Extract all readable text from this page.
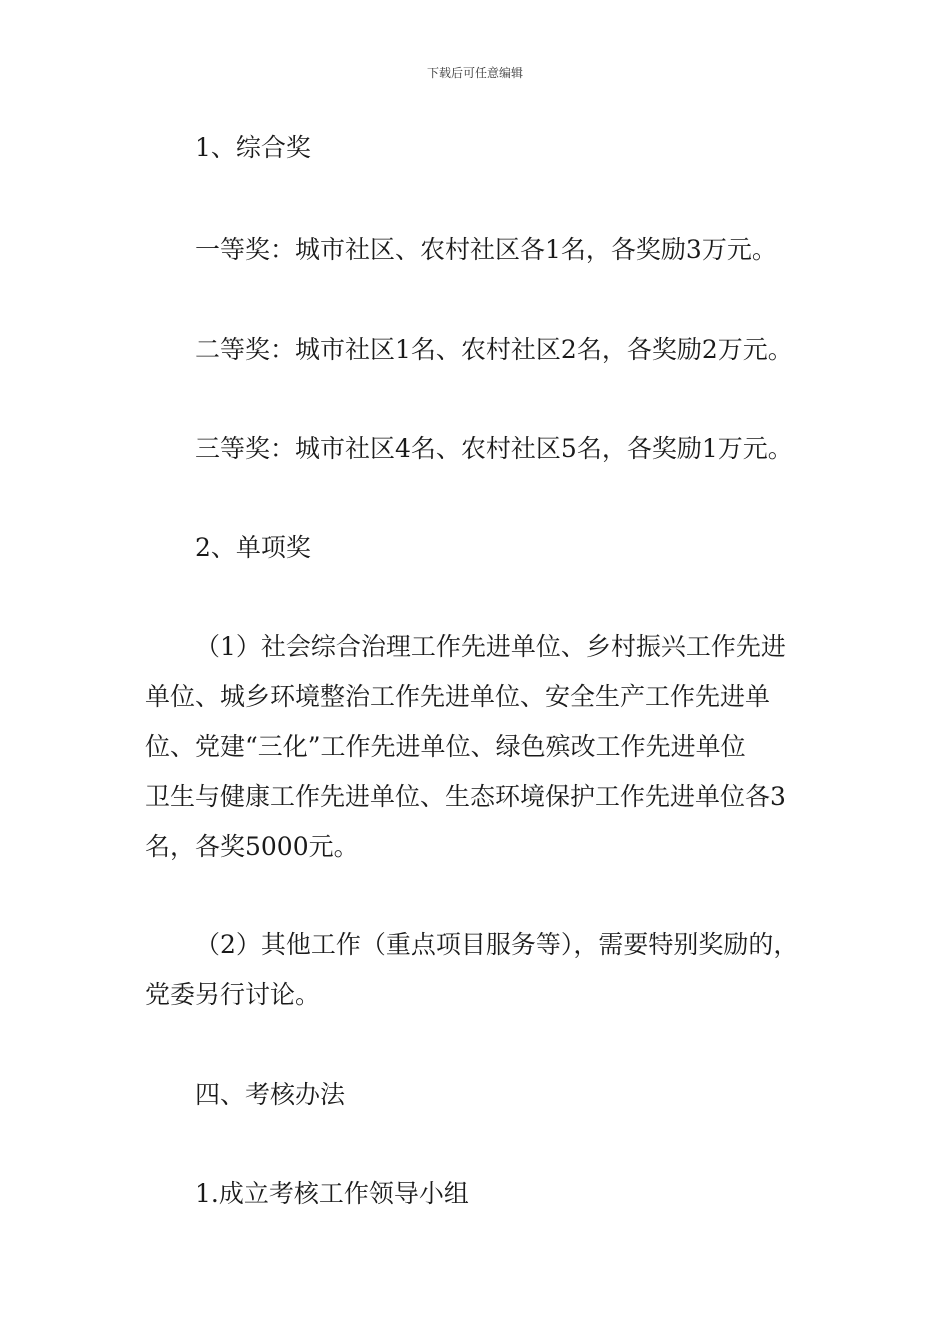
下载后可任意编辑
1、综合奖
一等奖：城市社区、农村社区各1名，各奖励3万元。
二等奖：城市社区1名、农村社区2名，各奖励2万元。
三等奖：城市社区4名、农村社区5名，各奖励1万元。
2、单项奖
（1）社会综合治理工作先进单位、乡村振兴工作先进
单位、城乡环境整治工作先进单位、安全生产工作先进单
位、党建“三化”工作先进单位、绿色殡改工作先进单位
卫生与健康工作先进单位、生态环境保护工作先进单位各3
名，各奖5000元。
（2）其他工作（重点项目服务等），需要特别奖励的，
党委另行讨论。
四、考核办法
1.成立考核工作领导小组
